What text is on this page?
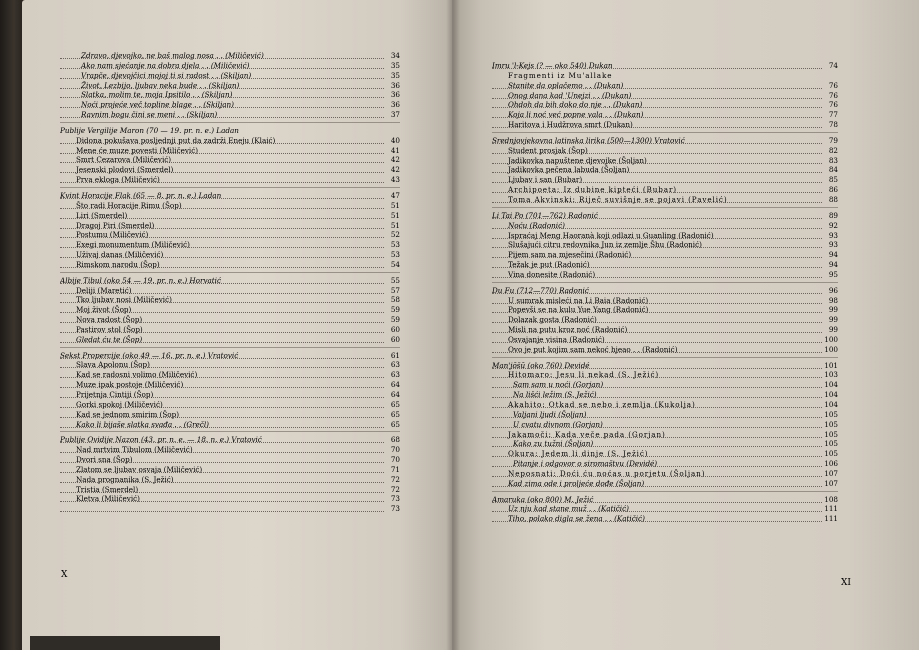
Zdravo, djevojko, ne baš malog nosa . . (Miličević)	34
Ako nam sjećanje na dobra djela . . (Miličević)	35
Vrapče, djevojčici mojoj ti si radost . . (Skiljan)	35
Život, Lezbijo, ljubav neka bude . . (Skiljan)	36
Slatka, molim te, moja Ipsitilo . . (Skiljan)	36
Noći projeće več topline blage . . (Skiljan)	36
Ravnim bogu čini se meni . . (Skiljan)	37
Publije Vergilije Maron (70 — 19. pr. n. e.) Ladan
Didona pokušava posljednji put da zadrži Eneju (Klaić)	40
Mene će muze povesti (Miličević)	41
Smrt Cezarova (Miličević)	42
Jesenski plodovi (Smerdel)	42
Prva ekloga (Miličević)	43
Kvint Horacije Flak (65 — 8. pr. n. e.) Ladan	47
Što radi Horacije Rimu (Šop)	51
Liri (Smerdel)	51
Dragoj Piri (Smerdel)	51
Postumu (Miličević)	52
Exegi monumentum (Miličević)	53
Uživaj danas (Miličević)	53
Rimskom narodu (Šop)	54
Albije Tibul (oko 54 — 19. pr. n. e.) Horvatić	55
Deliji (Maretić)	57
Tko ljubav nosi (Miličević)	58
Moj život (Šop)	59
Nova radost (Šop)	59
Pastirov stol (Šop)	60
Gledat ću te (Šop)	60
Sekst Propercije (oko 49 — 16. pr. n. e.) Vratović	61
Slava Apolonu (Šop)	63
Kad se radosni volimo (Miličević)	63
Muze ipak postoje (Miličević)	64
Prijetnja Cintiji (Šop)	64
Gorki spokoj (Miličević)	65
Kad se jednom smirim (Šop)	65
Kako li bijaše slatka svađa . . (Grečl)	65
Publije Ovidije Nazon (43. pr. n. e. — 18. n. e.) Vratović	68
Nad mrtvim Tibulom (Miličević)	70
Dvori sna (Šop)	70
Zlatom se ljubav osvaja (Miličević)	71
Nada prognanika (S. Ježić)	72
Tristia (Smerdel)	72
Kletva (Miličević)	73
73
Imru 'l-Kejs (? — oko 540) Dukan	74
Fragmenti iz Mu'allake
Stanite da oplačemo . . (Dukan)	76
Onog dana kad 'Unejzi . . (Dukan)	76
Ohdoh da bih doko do nje . . (Dukan)	76
Koja li noć već popne vala . . (Dukan)	77
Haritova i Hudžrova smrt (Dukan)	78
Srednjovjekovna latinska lirika (500—1300) Vratović	79
Student prosjak (Šop)	82
Jadikovka napuštene djevojke (Šoljan)	83
Jadikovka pečena labuda (Šoljan)	84
Ljubav i san (Bubar)	85
Archipoeta: Iz dubine kipteći (Bubar)	86
Toma Akvinski: Riječ suvišnje se pojavi (Pavelić)	88
Li Tai Po (701—762) Radonić	89
Noću (Radonić)	92
Ispraćaj Meng Haoranà koji odlazi u Guanling (Radonić)	93
Slušajući citru redovnika Jun iz zemlje Šhu (Radonić)	93
Pijem sam na mjesečini (Radonić)	94
Težak je put (Radonić)	94
Vina donesite (Radonić)	95
Du Fu (712—770) Radonić	96
U sumrak misleći na Li Baia (Radonić)	98
Popevši se na kulu Yue Yang (Radonić)	99
Dolazak gosta (Radonić)	99
Misli na putu kroz noć (Radonić)	99
Osvajanje visina (Radonić)	100
Ovo je put kojim sam nekoć hjeao . . (Radonić)	100
Man'jōšū (oko 760) Devidé	101
Hitomaro: Jesu li nekad (S. Ježić)	103
Sam sam u noći (Gorjan)	104
Na lišći ležim (S. Ježić)	104
Akahito: Otkad se nebo i zemlja (Kukolja)	104
Valjani ljudi (Šoljan)	105
U cvatu divnom (Gorjan)	105
Jakamoči: Kada veče pada (Gorjan)	105
Kako zu tužni (Šoljan)	105
Okura: Jedem li dinje (S. Ježić)	105
Pitanje i odgovor o siromaštvu (Devidé)	106
Neposnati: Doći ću noćas u porjetu (Šoljan)	107
Kad zima ode i proljeće dođe (Šoljan)	107
Amaruka (oko 800) M. Ježić	108
Uz nju kad stane muž . . (Katičić)	111
Tiho, polako digla se žena . . (Katičić)	111
X
XI
